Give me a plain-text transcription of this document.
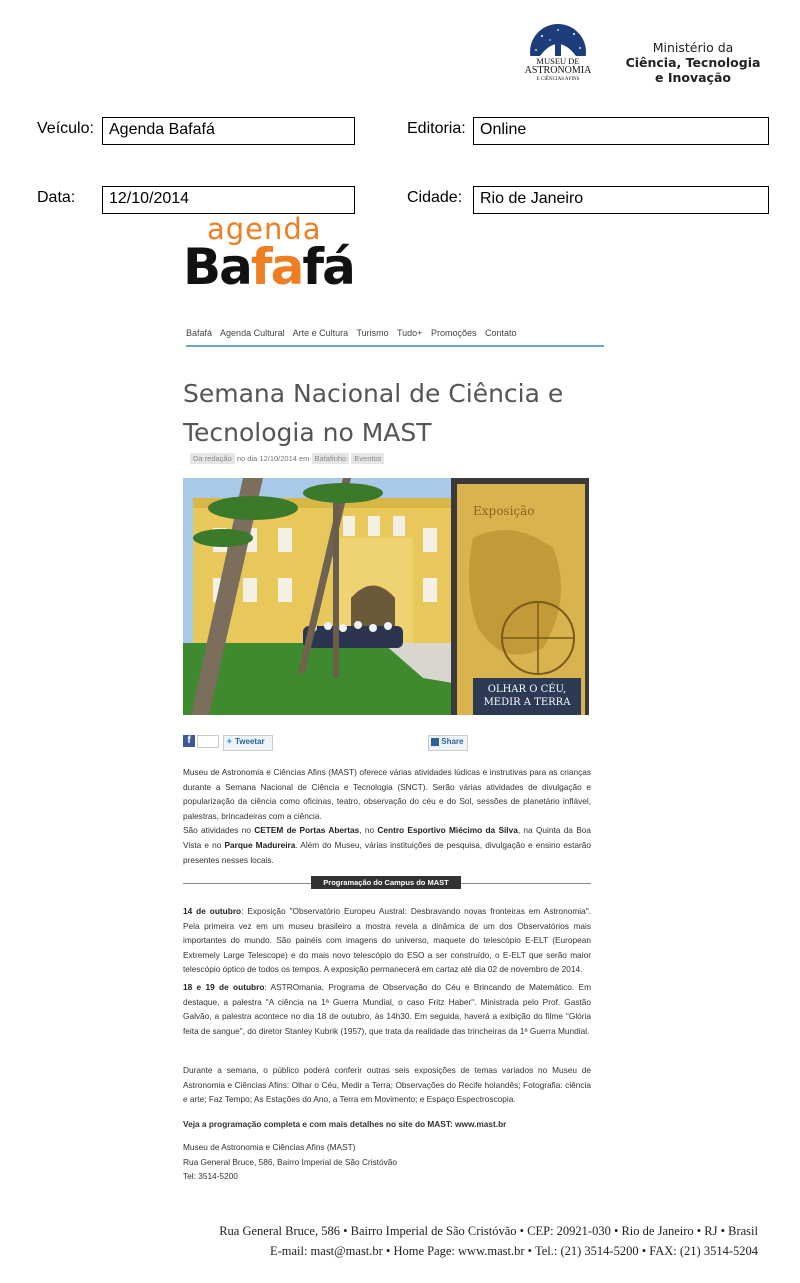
MUSEU DE
ASTRONOMIA
E CIÊNCIAS AFINS
Ministério da
Ciência, Tecnologia
e Inovação
Veículo: Agenda Bafafá	Editoria: Online
Data:	12/10/2014	Cidade:	Rio de Janeiro
agenda
Bafafá
Bafafá Agenda Cultural Arte e Cultura Turismo Tudo+ Promoções Contato
Semana Nacional de Ciência e Tecnologia no MAST
Da redação no dia 12/10/2014 em Bafafinho Eventos
Exposição
OLHAR O CÉU,
MEDIR A TERRA
f	✦ Tweetar	Share

Museu de Astronomia e Ciências Afins (MAST) oferece várias atividades lúdicas e instrutivas para as crianças durante a Semana Nacional de Ciência e Tecnologia (SNCT). Serão várias atividades de divulgação e popularização da ciência como oficinas, teatro, observação do céu e do Sol, sessões de planetário inflável, palestras, brincadeiras com a ciência.

São atividades no CETEM de Portas Abertas, no Centro Esportivo Miécimo da Silva, na Quinta da Boa Vista e no Parque Madureira. Além do Museu, várias instituições de pesquisa, divulgação e ensino estarão presentes nesses locais.

Programação do Campus do MAST

14 de outubro: Exposição "Observatório Europeu Austral: Desbravando novas fronteiras em Astronomia". Pela primeira vez em um museu brasileiro a mostra revela a dinâmica de um dos Observatórios mais importantes do mundo. São painéis com imagens do universo, maquete do telescópio E-ELT (European Extremely Large Telescope) e do mais novo telescópio do ESO a ser construído, o E-ELT que serão maior telescópio óptico de todos os tempos. A exposição permanecerá em cartaz até dia 02 de novembro de 2014.

18 e 19 de outubro: ASTROmania, Programa de Observação do Céu e Brincando de Matemático. Em destaque, a palestra "A ciência na 1ª Guerra Mundial, o caso Fritz Haber". Ministrada pelo Prof. Gastão Galvão, a palestra acontece no dia 18 de outubro, às 14h30. Em seguida, haverá a exibição do filme "Glória feita de sangue", do diretor Stanley Kubrik (1957), que trata da realidade das trincheiras da 1ª Guerra Mundial.

Durante a semana, o público poderá conferir outras seis exposições de temas variados no Museu de Astronomia e Ciências Afins: Olhar o Céu, Medir a Terra; Observações do Recife holandês; Fotografia: ciência e arte; Faz Tempo; As Estações do Ano, a Terra em Movimento; e Espaço Espectroscopia.

Veja a programação completa e com mais detalhes no site do MAST: www.mast.br

Museu de Astronomia e Ciências Afins (MAST)

Rua General Bruce, 586, Bairro Imperial de São Cristóvão

Tel: 3514-5200

Rua General Bruce, 586 • Bairro Imperial de São Cristóvão • CEP: 20921-030 • Rio de Janeiro • RJ • Brasil
E-mail: mast@mast.br • Home Page: www.mast.br • Tel.: (21) 3514-5200 • FAX: (21) 3514-5204
